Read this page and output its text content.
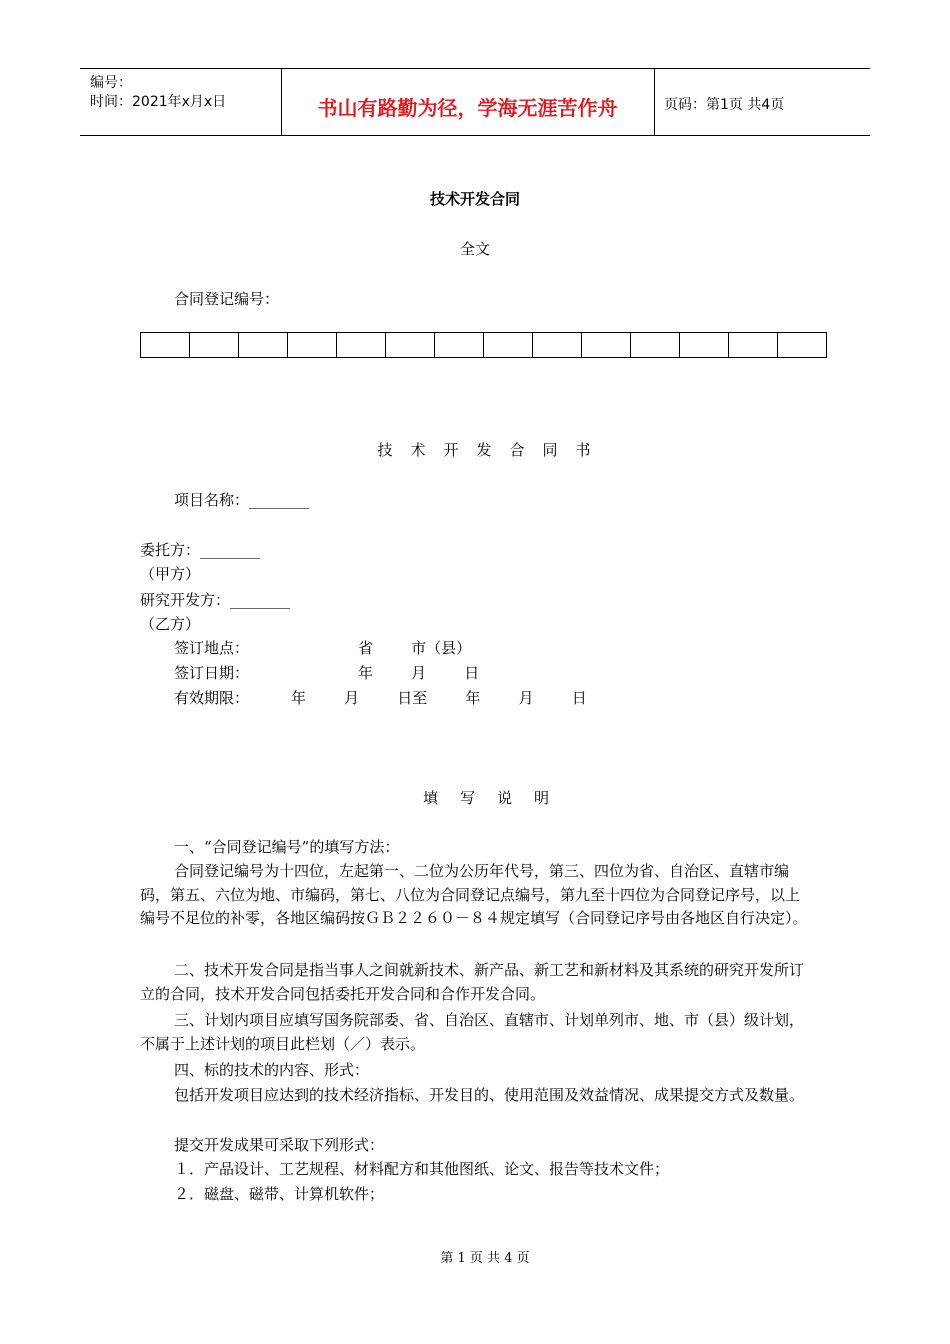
编号：
时间：2021年x月x日	书山有路勤为径，学海无涯苦作舟	页码：第1页 共4页
技术开发合同
全文
合同登记编号：
技术开发合同书
项目名称：________
委托方：________
（甲方）
研究开发方：________
（乙方）
签订地点：	省        市（县）
签订日期：	年        月        日
有效期限：	年        月        日至        年        月        日
填写说明
一、“合同登记编号”的填写方法：
合同登记编号为十四位，左起第一、二位为公历年代号，第三、四位为省、自治区、直辖市编码，第五、六位为地、市编码，第七、八位为合同登记点编号，第九至十四位为合同登记序号，以上编号不足位的补零，各地区编码按ＧＢ２２６０－８４规定填写（合同登记序号由各地区自行决定）。
二、技术开发合同是指当事人之间就新技术、新产品、新工艺和新材料及其系统的研究开发所订立的合同，技术开发合同包括委托开发合同和合作开发合同。
三、计划内项目应填写国务院部委、省、自治区、直辖市、计划单列市、地、市（县）级计划，不属于上述计划的项目此栏划（／）表示。
四、标的技术的内容、形式：
包括开发项目应达到的技术经济指标、开发目的、使用范围及效益情况、成果提交方式及数量。
提交开发成果可采取下列形式：
１．产品设计、工艺规程、材料配方和其他图纸、论文、报告等技术文件；
２．磁盘、磁带、计算机软件；
第 1 页 共 4 页
